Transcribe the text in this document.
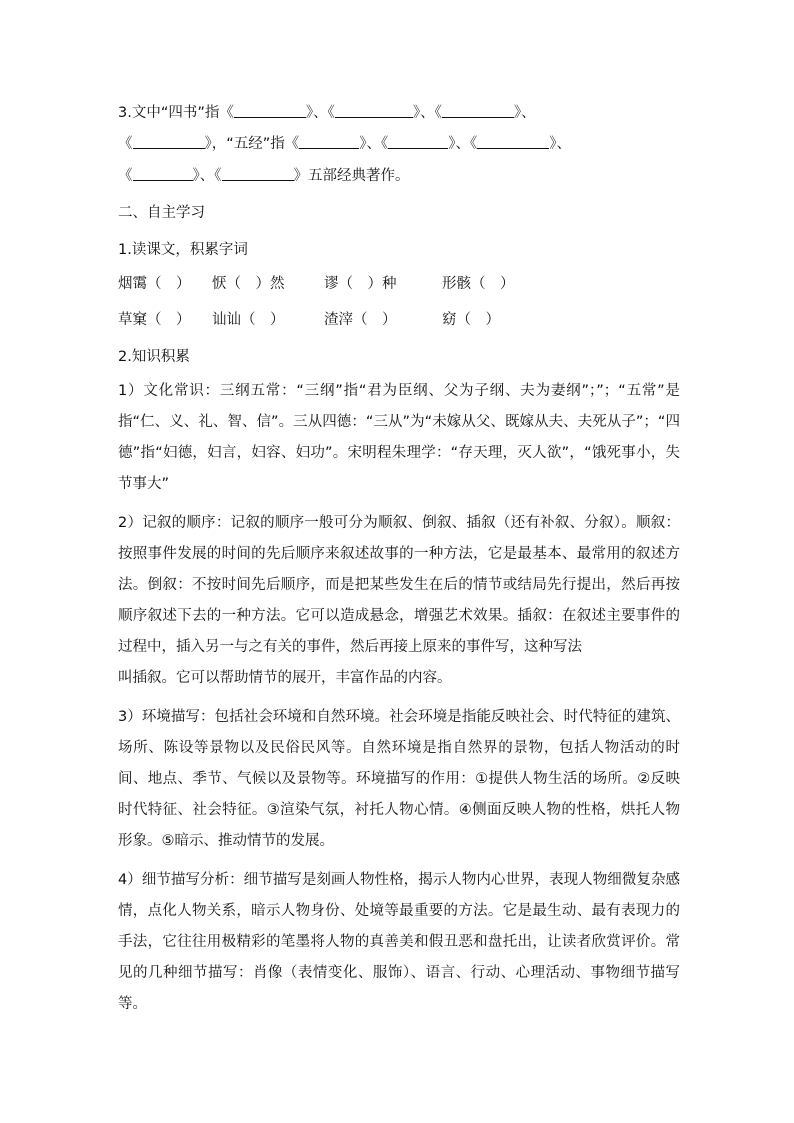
3.文中“四书”指《	》、《	》、《	》、
《	》，“五经”指《	》、《	》、《	》、
《	》、《	》五部经典著作。
二、自主学习
1.读课文，积累字词
烟霭（　） 恹（　）然	谬（　）种	形骸（　）
草窠（　） 讪讪（　）	渣滓（　）	窈（　）
2.知识积累
1）文化常识：三纲五常：“三纲”指“君为臣纲、父为子纲、夫为妻纲”；”；“五常”是指“仁、义、礼、智、信”。三从四德：“三从”为“未嫁从父、既嫁从夫、夫死从子”；“四德”指“妇德，妇言，妇容、妇功”。宋明程朱理学：“存天理，灭人欲”，“饿死事小，失节事大”
2）记叙的顺序：记叙的顺序一般可分为顺叙、倒叙、插叙（还有补叙、分叙）。顺叙：按照事件发展的时间的先后顺序来叙述故事的一种方法，它是最基本、最常用的叙述方法。倒叙：不按时间先后顺序，而是把某些发生在后的情节或结局先行提出，然后再按顺序叙述下去的一种方法。它可以造成悬念，增强艺术效果。插叙：在叙述主要事件的过程中，插入另一与之有关的事件，然后再接上原来的事件写，这种写法
叫插叙。它可以帮助情节的展开，丰富作品的内容。
3）环境描写：包括社会环境和自然环境。社会环境是指能反映社会、时代特征的建筑、场所、陈设等景物以及民俗民风等。自然环境是指自然界的景物，包括人物活动的时间、地点、季节、气候以及景物等。环境描写的作用：①提供人物生活的场所。②反映时代特征、社会特征。③渲染气氛，衬托人物心情。④侧面反映人物的性格，烘托人物形象。⑤暗示、推动情节的发展。
4）细节描写分析：细节描写是刻画人物性格，揭示人物内心世界，表现人物细微复杂感情，点化人物关系，暗示人物身份、处境等最重要的方法。它是最生动、最有表现力的手法，它往往用极精彩的笔墨将人物的真善美和假丑恶和盘托出，让读者欣赏评价。常见的几种细节描写：肖像（表情变化、服饰）、语言、行动、心理活动、事物细节描写等。
